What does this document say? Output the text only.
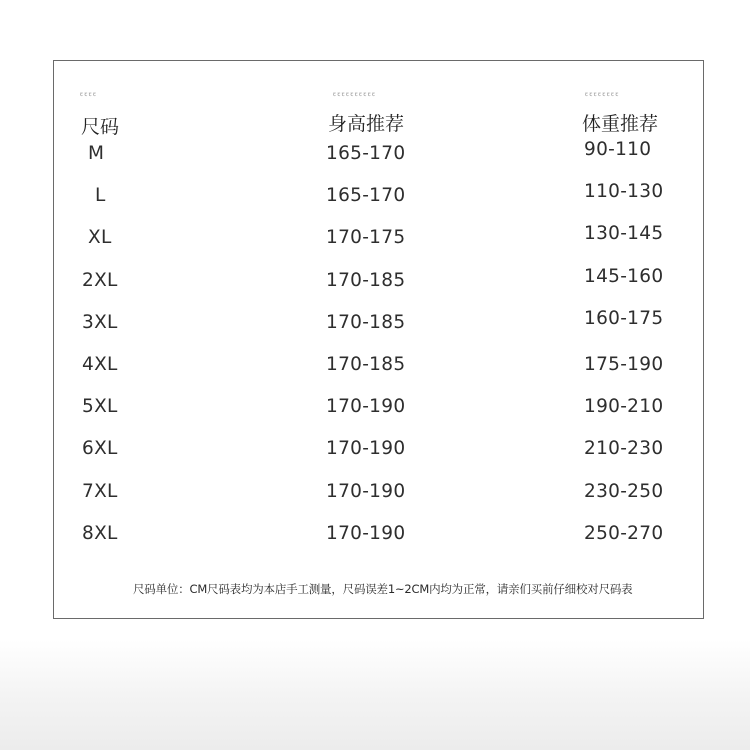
ꞇꞇꞇꞇ	ꞇꞇꞇꞇꞇꞇꞇꞇꞇꞇ	ꞇꞇꞇꞇꞇꞇꞇꞇ
尺码	身高推荐	体重推荐
M	165-170	90-110
L	165-170	110-130
XL	170-175	130-145
2XL	170-185	145-160
3XL	170-185	160-175
4XL	170-185	175-190
5XL	170-190	190-210
6XL	170-190	210-230
7XL	170-190	230-250
8XL	170-190	250-270
尺码单位：CM尺码表均为本店手工测量，尺码误差1~2CM内均为正常，请亲们买前仔细校对尺码表
